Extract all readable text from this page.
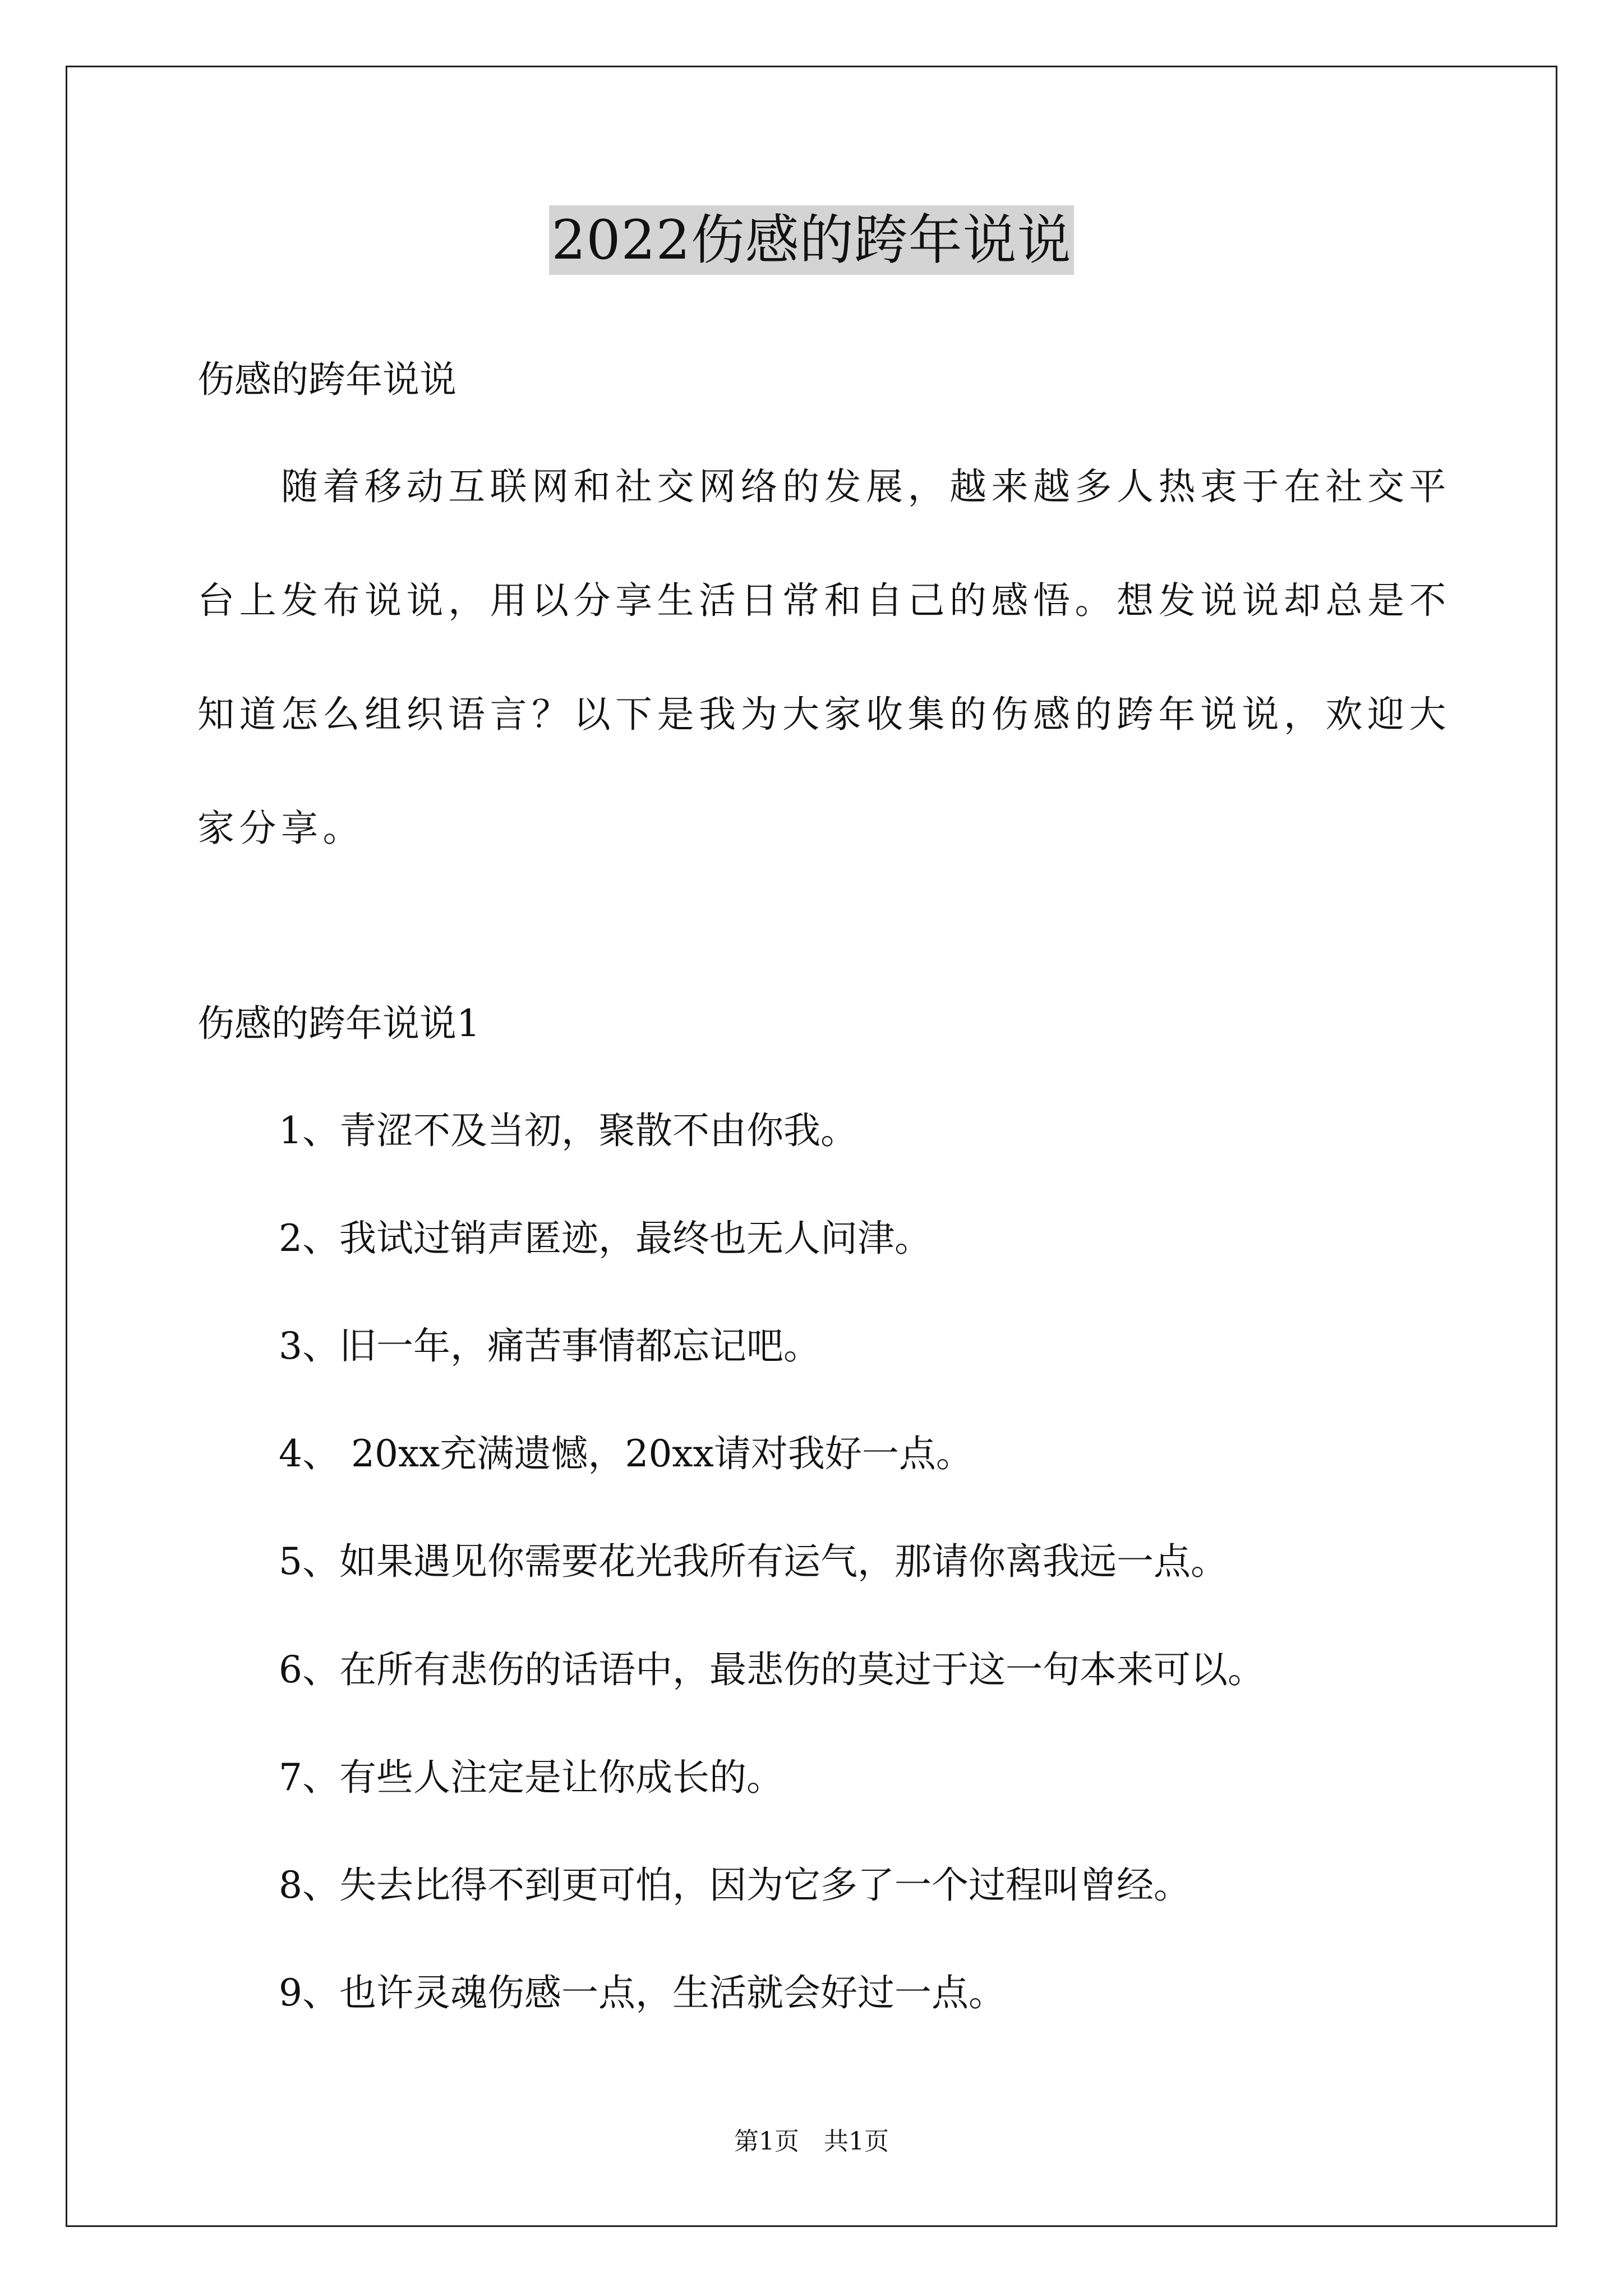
2022伤感的跨年说说
伤感的跨年说说
　　随着移动互联网和社交网络的发展，越来越多人热衷于在社交平
台上发布说说，用以分享生活日常和自己的感悟。想发说说却总是不
知道怎么组织语言？以下是我为大家收集的伤感的跨年说说，欢迎大
家分享。
伤感的跨年说说1
1、青涩不及当初，聚散不由你我。
2、我试过销声匿迹，最终也无人问津。
3、旧一年，痛苦事情都忘记吧。
4、 20xx充满遗憾，20xx请对我好一点。
5、如果遇见你需要花光我所有运气，那请你离我远一点。
6、在所有悲伤的话语中，最悲伤的莫过于这一句本来可以。
7、有些人注定是让你成长的。
8、失去比得不到更可怕，因为它多了一个过程叫曾经。
9、也许灵魂伤感一点，生活就会好过一点。
第1页　共1页
